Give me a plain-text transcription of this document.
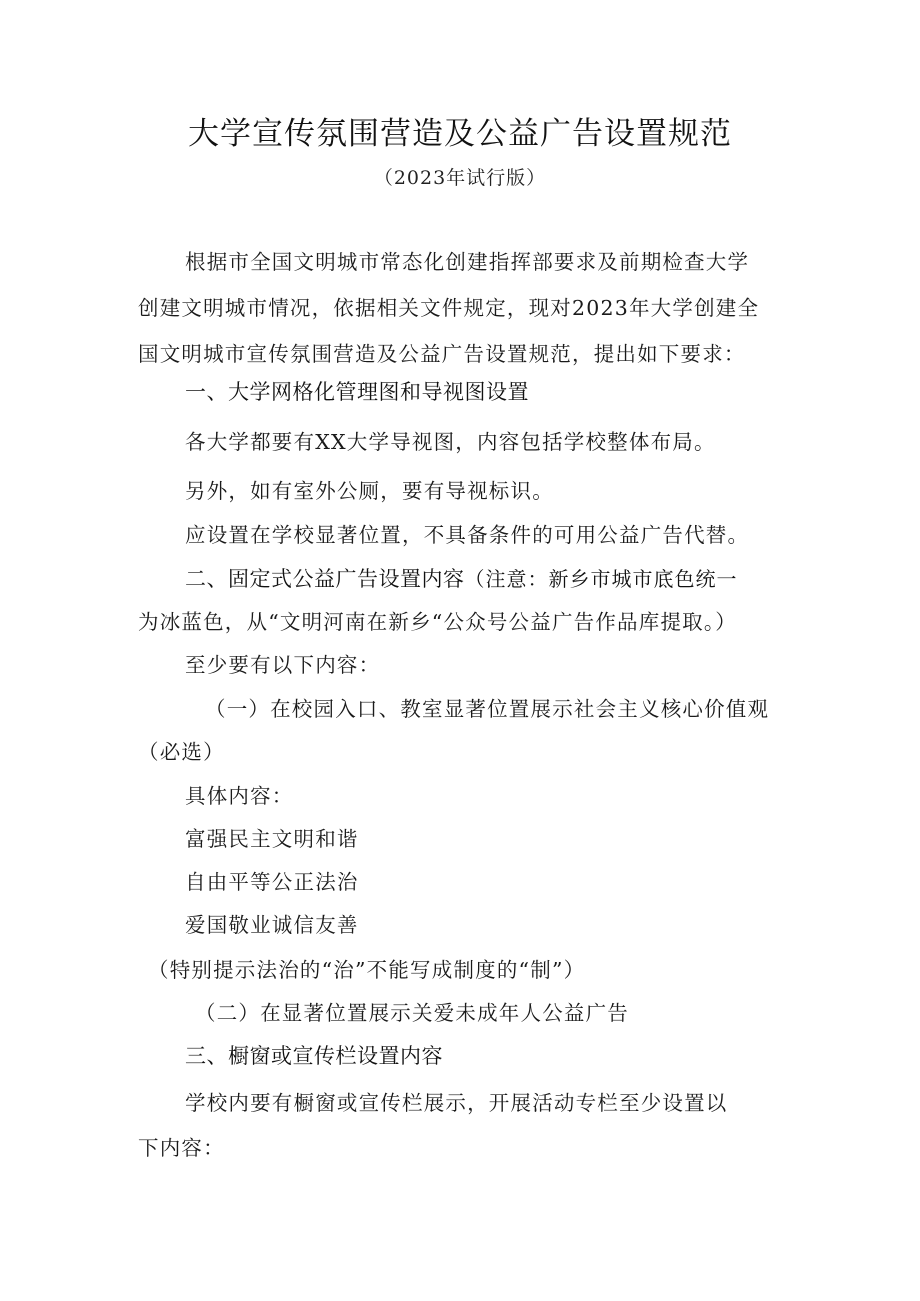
大学宣传氛围营造及公益广告设置规范
（2023年试行版）
根据市全国文明城市常态化创建指挥部要求及前期检查大学
创建文明城市情况，依据相关文件规定，现对2023年大学创建全
国文明城市宣传氛围营造及公益广告设置规范，提出如下要求：
一、大学网格化管理图和导视图设置
各大学都要有XX大学导视图，内容包括学校整体布局。
另外，如有室外公厕，要有导视标识。
应设置在学校显著位置，不具备条件的可用公益广告代替。
二、固定式公益广告设置内容（注意：新乡市城市底色统一
为冰蓝色，从“文明河南在新乡“公众号公益广告作品库提取。）
至少要有以下内容：
（一）在校园入口、教室显著位置展示社会主义核心价值观
（必选）
具体内容：
富强民主文明和谐
自由平等公正法治
爱国敬业诚信友善
（特别提示法治的“治”不能写成制度的“制”）
（二）在显著位置展示关爱未成年人公益广告
三、橱窗或宣传栏设置内容
学校内要有橱窗或宣传栏展示，开展活动专栏至少设置以
下内容：
